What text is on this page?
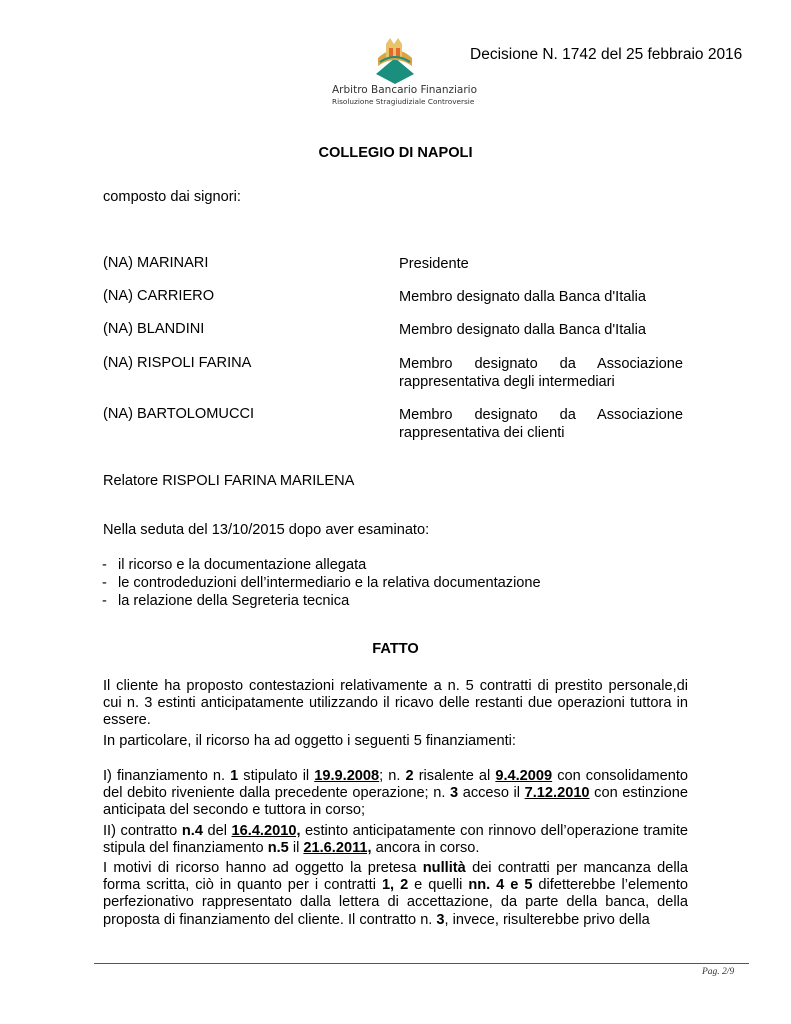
Arbitro Bancario Finanziario
Risoluzione Stragiudiziale Controversie
Decisione N. 1742 del 25 febbraio 2016
COLLEGIO DI NAPOLI
composto dai signori:
(NA) MARINARI	Presidente
(NA) CARRIERO	Membro designato dalla Banca d'Italia
(NA) BLANDINI	Membro designato dalla Banca d'Italia
(NA) RISPOLI FARINA	Membro designato da Associazione
rappresentativa degli intermediari
(NA) BARTOLOMUCCI	Membro designato da Associazione
rappresentativa dei clienti
Relatore RISPOLI FARINA MARILENA
Nella seduta del 13/10/2015 dopo aver esaminato:
- il ricorso e la documentazione allegata
- le controdeduzioni dell’intermediario e la relativa documentazione
- la relazione della Segreteria tecnica
FATTO
Il cliente ha proposto contestazioni relativamente a n. 5 contratti di prestito personale,di cui n. 3 estinti anticipatamente utilizzando il ricavo delle restanti due operazioni tuttora in essere.
In particolare, il ricorso ha ad oggetto i seguenti 5 finanziamenti:
I) finanziamento n. 1 stipulato il 19.9.2008; n. 2 risalente al 9.4.2009 con consolidamento del debito riveniente dalla precedente operazione; n. 3 acceso il 7.12.2010 con estinzione anticipata del secondo e tuttora in corso;
II) contratto n.4 del 16.4.2010, estinto anticipatamente con rinnovo dell’operazione tramite stipula del finanziamento n.5 il 21.6.2011, ancora in corso.
I motivi di ricorso hanno ad oggetto la pretesa nullità dei contratti per mancanza della forma scritta, ciò in quanto per i contratti 1, 2 e quelli nn. 4 e 5 difetterebbe l’elemento perfezionativo rappresentato dalla lettera di accettazione, da parte della banca, della proposta di finanziamento del cliente. Il contratto n. 3, invece, risulterebbe privo della
Pag. 2/9
